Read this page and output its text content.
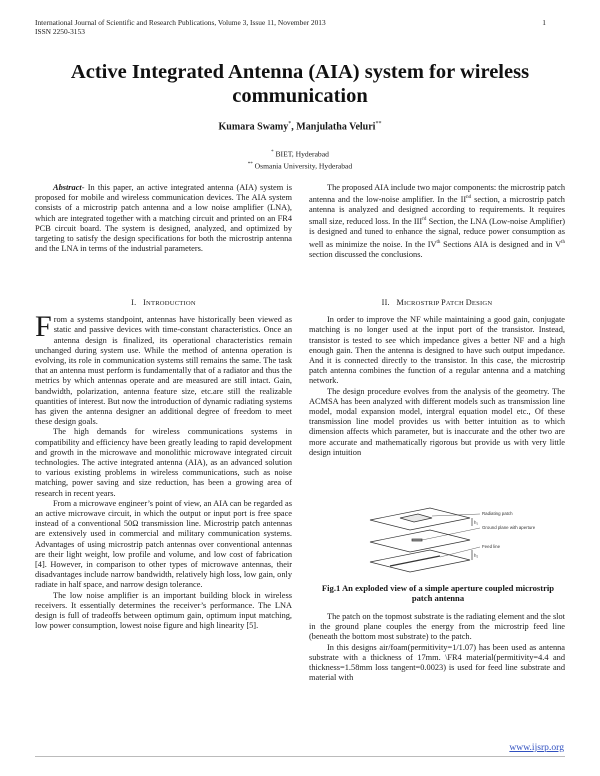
International Journal of Scientific and Research Publications, Volume 3, Issue 11, November 2013
ISSN 2250-3153
1
Active Integrated Antenna (AIA) system for wireless communication
Kumara Swamy*, Manjulatha Veluri**
* BIET, Hyderabad
** Osmania University, Hyderabad

Abstract- In this paper, an active integrated antenna (AIA) system is proposed for mobile and wireless communication devices. The AIA system consists of a microstrip patch antenna and a low noise amplifier (LNA), which are integrated together with a matching circuit and printed on an FR4 PCB circuit board. The system is designed, analyzed, and optimized by targeting to satisfy the design specifications for both the microstrip antenna and the LNA in terms of the industrial parameters.

The proposed AIA include two major components: the microstrip patch antenna and the low-noise amplifier. In the IInd section, a microstrip patch antenna is analyzed and designed according to requirements. It requires small size, reduced loss. In the IIIrd Section, the LNA (Low-noise Amplifier) is designed and tuned to enhance the signal, reduce power consumption as well as minimize the noise. In the IVth Sections AIA is designed and in Vth section discussed the conclusions.

I. INTRODUCTION

From a systems standpoint, antennas have historically been viewed as static and passive devices with time-constant characteristics. Once an antenna design is finalized, its operational characteristics remain unchanged during system use. While the method of antenna operation is evolving, its role in communication systems still remains the same. The task that an antenna must perform is fundamentally that of a radiator and thus the metrics by which antennas operate and are measured are still intact. Gain, bandwidth, polarization, antenna feature size, etc.are still the realizable quantities of interest. But now the introduction of dynamic radiating systems has given the antenna designer an additional degree of freedom to meet these design goals.

The high demands for wireless communications systems in compatibility and efficiency have been greatly leading to rapid development and growth in the microwave and monolithic microwave integrated circuit technologies. The active integrated antenna (AIA), as an advanced solution to various existing problems in wireless communications, such as noise matching, power saving and size reduction, has been a growing area of research in recent years.

From a microwave engineer’s point of view, an AIA can be regarded as an active microwave circuit, in which the output or input port is free space instead of a conventional 50Ω transmission line. Microstrip patch antennas are extensively used in commercial and military communication systems. Advantages of using microstrip patch antennas over conventional antennas are their light weight, low profile and volume, and low cost of fabrication [4]. However, in comparison to other types of microwave antennas, their disadvantages include narrow bandwidth, relatively high loss, low gain, only radiate in half space, and narrow design tolerance.

The low noise amplifier is an important building block in wireless receivers. It essentially determines the receiver’s performance. The LNA design is full of tradeoffs between optimum gain, optimum input matching, low power consumption, lowest noise figure and high linearity [5].

II. MICROSTRIP PATCH DESIGN

In order to improve the NF while maintaining a good gain, conjugate matching is no longer used at the input port of the transistor. Instead, transistor is tested to see which impedance gives a better NF and a high enough gain. Then the antenna is designed to have such output impedance. And it is connected directly to the transistor. In this case, the microstrip patch antenna combines the function of a regular antenna and a matching network.

The design procedure evolves from the analysis of the geometry. The ACMSA has been analyzed with different models such as transmission line model, modal expansion model, intergral equation model etc., Of these transmission line model provides us with better intuition as to which dimension affects which parameter, but is inaccurate and the other two are more accurate and mathematically rigorous but provide us with very little design intuition

h₁
h₂
Radiating patch
Ground plane with aperture
Feed line
Fig.1 An exploded view of a simple aperture coupled microstrip patch antenna

The patch on the topmost substrate is the radiating element and the slot in the ground plane couples the energy from the microstrip feed line (beneath the bottom most substrate) to the patch.

In this designs air/foam(permitivity=1/1.07) has been used as antenna substrate with a thickness of 17mm. \FR4 material(permitivity=4.4 and thickness=1.58mm loss tangent=0.0023) is used for feed line substrate and material with

www.ijsrp.org
